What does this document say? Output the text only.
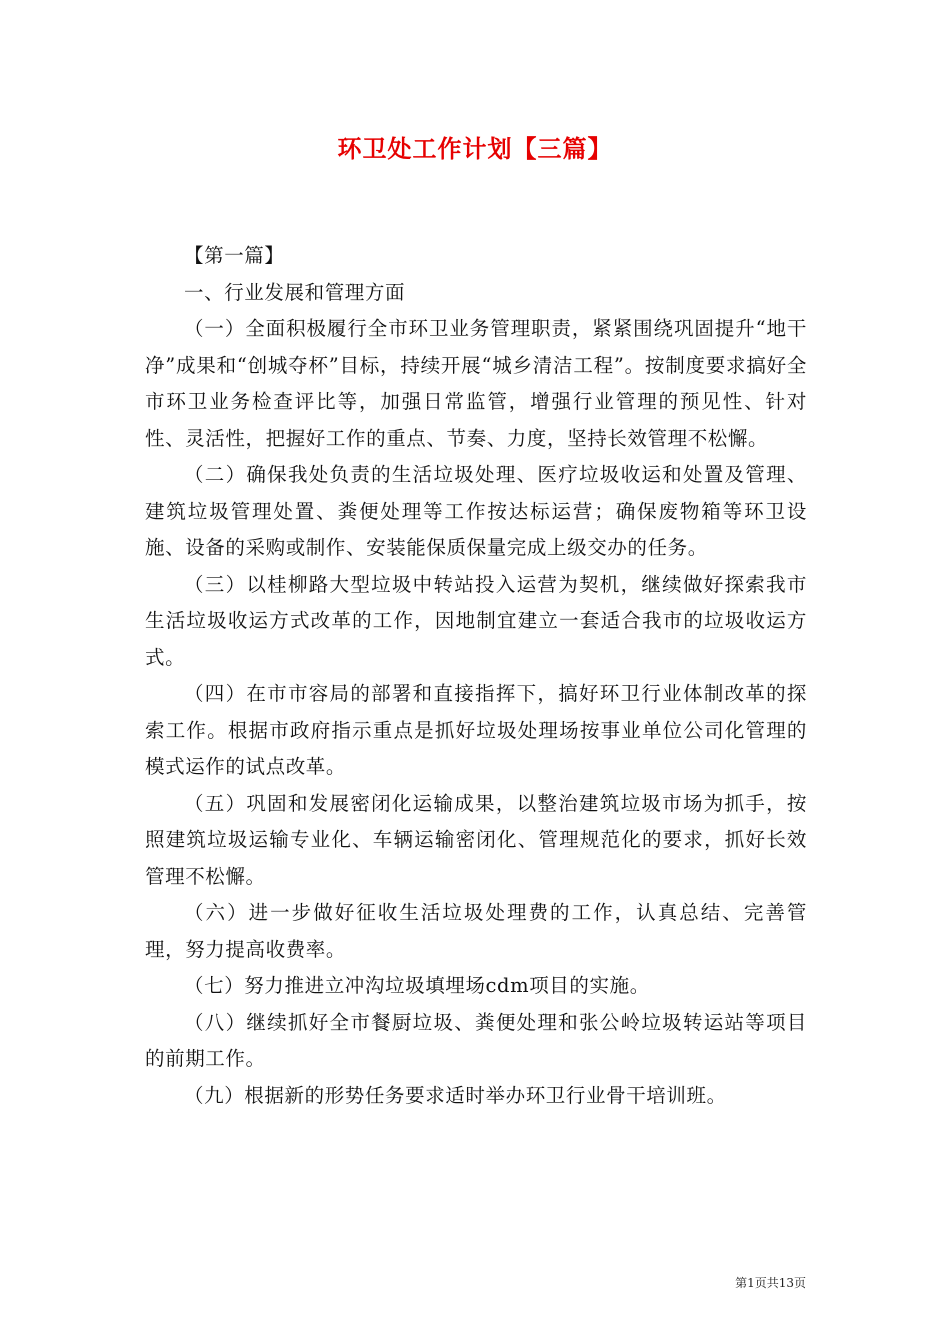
环卫处工作计划【三篇】

【第一篇】

一、行业发展和管理方面

（一）全面积极履行全市环卫业务管理职责，紧紧围绕巩固提升“地干净”成果和“创城夺杯”目标，持续开展“城乡清洁工程”。按制度要求搞好全市环卫业务检查评比等，加强日常监管，增强行业管理的预见性、针对性、灵活性，把握好工作的重点、节奏、力度，坚持长效管理不松懈。

（二）确保我处负责的生活垃圾处理、医疗垃圾收运和处置及管理、建筑垃圾管理处置、粪便处理等工作按达标运营；确保废物箱等环卫设施、设备的采购或制作、安装能保质保量完成上级交办的任务。

（三）以桂柳路大型垃圾中转站投入运营为契机，继续做好探索我市生活垃圾收运方式改革的工作，因地制宜建立一套适合我市的垃圾收运方式。

（四）在市市容局的部署和直接指挥下，搞好环卫行业体制改革的探索工作。根据市政府指示重点是抓好垃圾处理场按事业单位公司化管理的模式运作的试点改革。

（五）巩固和发展密闭化运输成果，以整治建筑垃圾市场为抓手，按照建筑垃圾运输专业化、车辆运输密闭化、管理规范化的要求，抓好长效管理不松懈。

（六）进一步做好征收生活垃圾处理费的工作，认真总结、完善管理，努力提高收费率。

（七）努力推进立冲沟垃圾填埋场cdm项目的实施。

（八）继续抓好全市餐厨垃圾、粪便处理和张公岭垃圾转运站等项目的前期工作。

（九）根据新的形势任务要求适时举办环卫行业骨干培训班。

第1页共13页
